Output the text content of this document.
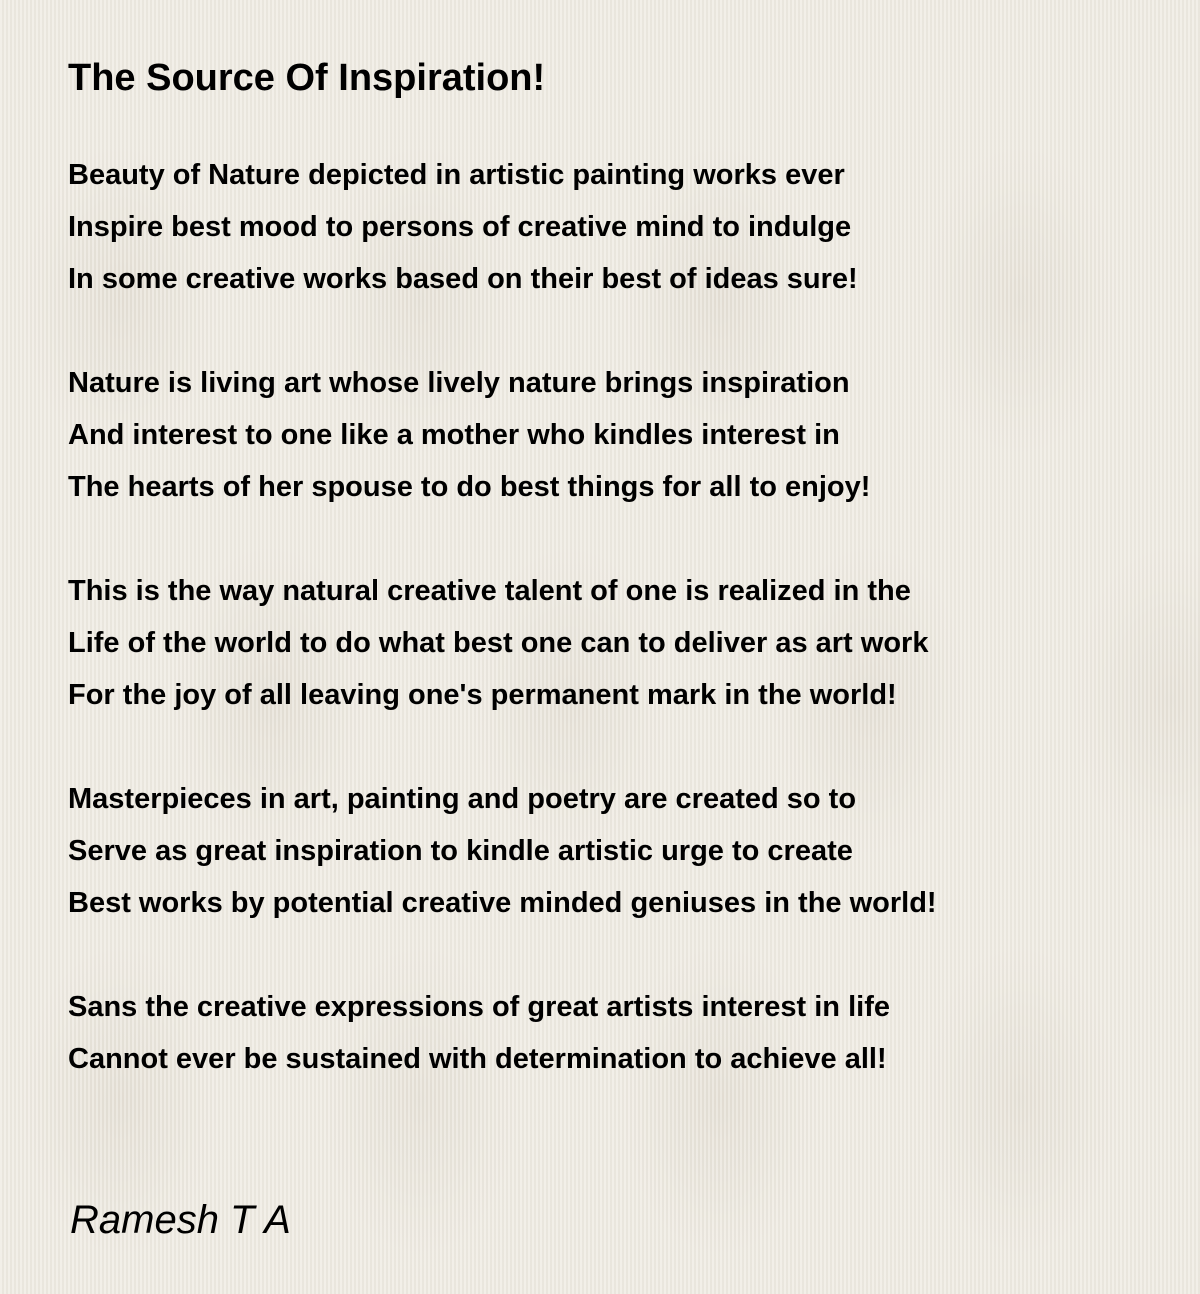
The Source Of Inspiration!
Beauty of Nature depicted in artistic painting works ever
Inspire best mood to persons of creative mind to indulge
In some creative works based on their best of ideas sure!
Nature is living art whose lively nature brings inspiration
And interest to one like a mother who kindles interest in
The hearts of her spouse to do best things for all to enjoy!
This is the way natural creative talent of one is realized in the
Life of the world to do what best one can to deliver as art work
For the joy of all leaving one's permanent mark in the world!
Masterpieces in art, painting and poetry are created so to
Serve as great inspiration to kindle artistic urge to create
Best works by potential creative minded geniuses in the world!
Sans the creative expressions of great artists interest in life
Cannot ever be sustained with determination to achieve all!
Ramesh T A
